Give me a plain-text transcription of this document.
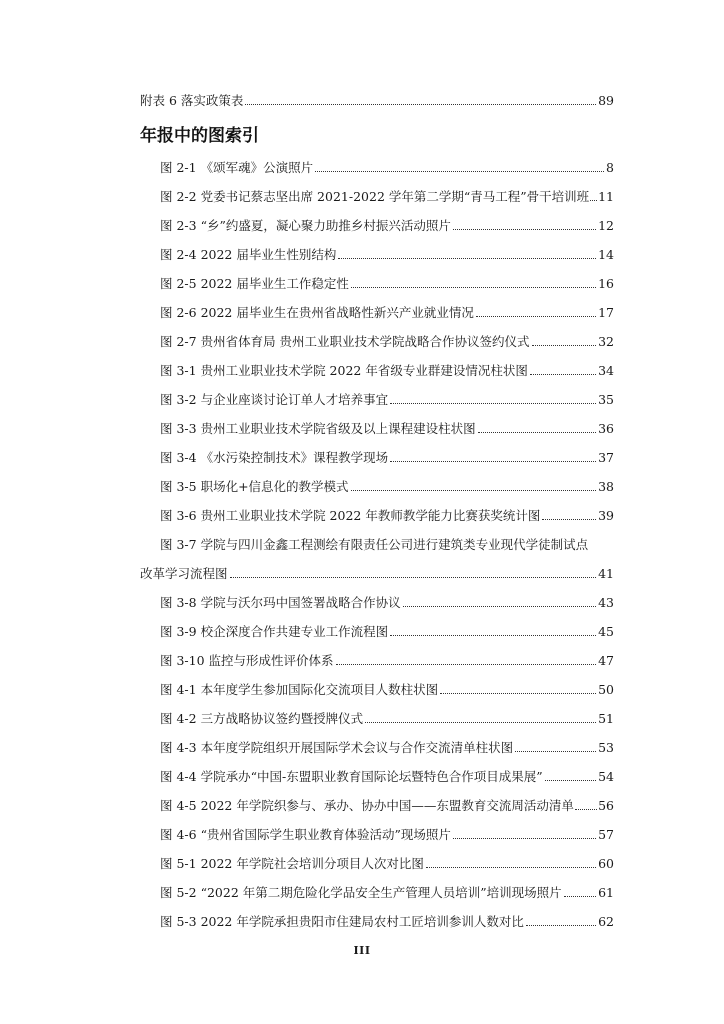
附表 6 落实政策表	89
年报中的图索引
图 2-1 《颂军魂》公演照片	8
图 2-2 党委书记蔡志坚出席 2021-2022 学年第二学期“青马工程”骨干培训班 11
图 2-3 “乡”约盛夏，凝心聚力助推乡村振兴活动照片	12
图 2-4 2022 届毕业生性别结构	14
图 2-5 2022 届毕业生工作稳定性	16
图 2-6 2022 届毕业生在贵州省战略性新兴产业就业情况	17
图 2-7 贵州省体育局 贵州工业职业技术学院战略合作协议签约仪式	32
图 3-1 贵州工业职业技术学院 2022 年省级专业群建设情况柱状图	34
图 3-2 与企业座谈讨论订单人才培养事宜	35
图 3-3 贵州工业职业技术学院省级及以上课程建设柱状图	36
图 3-4 《水污染控制技术》课程教学现场	37
图 3-5 职场化+信息化的教学模式	38
图 3-6 贵州工业职业技术学院 2022 年教师教学能力比赛获奖统计图	39
图 3-7 学院与四川金鑫工程测绘有限责任公司进行建筑类专业现代学徒制试点
改革学习流程图	41
图 3-8 学院与沃尔玛中国签署战略合作协议	43
图 3-9 校企深度合作共建专业工作流程图	45
图 3-10 监控与形成性评价体系	47
图 4-1 本年度学生参加国际化交流项目人数柱状图	50
图 4-2 三方战略协议签约暨授牌仪式	51
图 4-3 本年度学院组织开展国际学术会议与合作交流清单柱状图	53
图 4-4 学院承办“中国-东盟职业教育国际论坛暨特色合作项目成果展”	54
图 4-5 2022 年学院织参与、承办、协办中国——东盟教育交流周活动清单 56
图 4-6 “贵州省国际学生职业教育体验活动”现场照片	57
图 5-1 2022 年学院社会培训分项目人次对比图	60
图 5-2 “2022 年第二期危险化学品安全生产管理人员培训”培训现场照片	61
图 5-3 2022 年学院承担贵阳市住建局农村工匠培训参训人数对比	62
III
